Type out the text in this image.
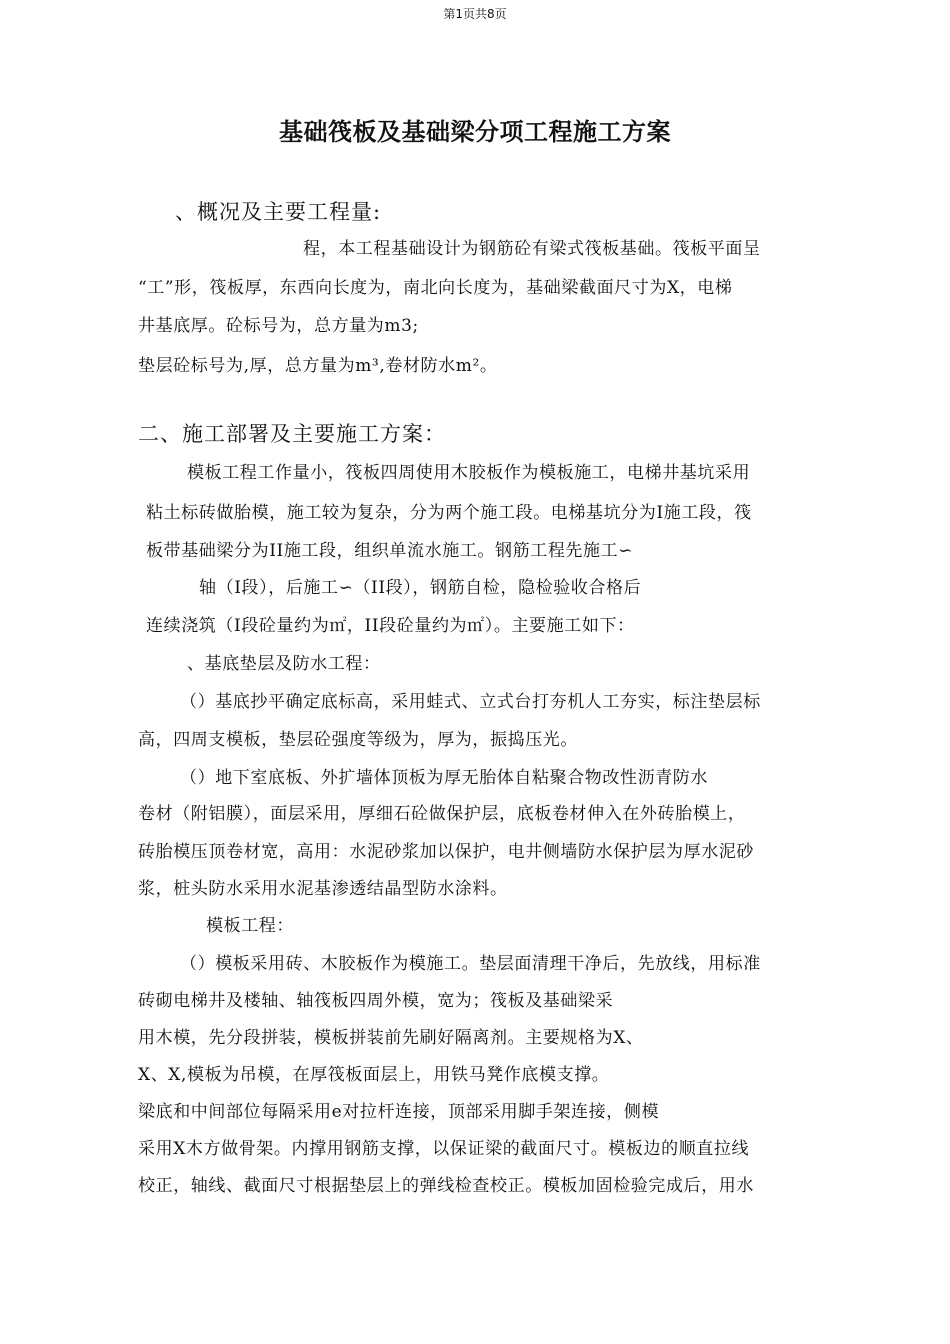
第1页共8页
基础筏板及基础梁分项工程施工方案
、概况及主要工程量:
程，本工程基础设计为钢筋砼有梁式筏板基础。筏板平面呈
“工”形，筏板厚，东西向长度为，南北向长度为，基础梁截面尺寸为X，电梯
井基底厚。砼标号为，总方量为m3;
垫层砼标号为,厚，总方量为m³,卷材防水m²。
二、施工部署及主要施工方案：
模板工程工作量小，筏板四周使用木胶板作为模板施工，电梯井基坑采用
粘土标砖做胎模，施工较为复杂，分为两个施工段。电梯基坑分为I施工段，筏
板带基础梁分为II施工段，组织单流水施工。钢筋工程先施工∽
轴（I段），后施工∽（II段），钢筋自检，隐检验收合格后
连续浇筑（I段砼量约为㎡，II段砼量约为㎡）。主要施工如下：
、基底垫层及防水工程：
（）基底抄平确定底标高，采用蛙式、立式台打夯机人工夯实，标注垫层标
高，四周支模板，垫层砼强度等级为，厚为，振捣压光。
（）地下室底板、外扩墙体顶板为厚无胎体自粘聚合物改性沥青防水
卷材（附铝膜），面层采用，厚细石砼做保护层，底板卷材伸入在外砖胎模上，
砖胎模压顶卷材宽，高用：水泥砂浆加以保护，电井侧墙防水保护层为厚水泥砂
浆，桩头防水采用水泥基渗透结晶型防水涂料。
模板工程：
（）模板采用砖、木胶板作为模施工。垫层面清理干净后，先放线，用标准
砖砌电梯井及楼轴、轴筏板四周外模，宽为；筏板及基础梁采
用木模，先分段拼装，模板拼装前先刷好隔离剂。主要规格为X、
X、X,模板为吊模，在厚筏板面层上，用铁马凳作底模支撑。
梁底和中间部位每隔采用e对拉杆连接，顶部采用脚手架连接，侧模
采用X木方做骨架。内撑用钢筋支撑，以保证梁的截面尺寸。模板边的顺直拉线
校正，轴线、截面尺寸根据垫层上的弹线检查校正。模板加固检验完成后，用水
